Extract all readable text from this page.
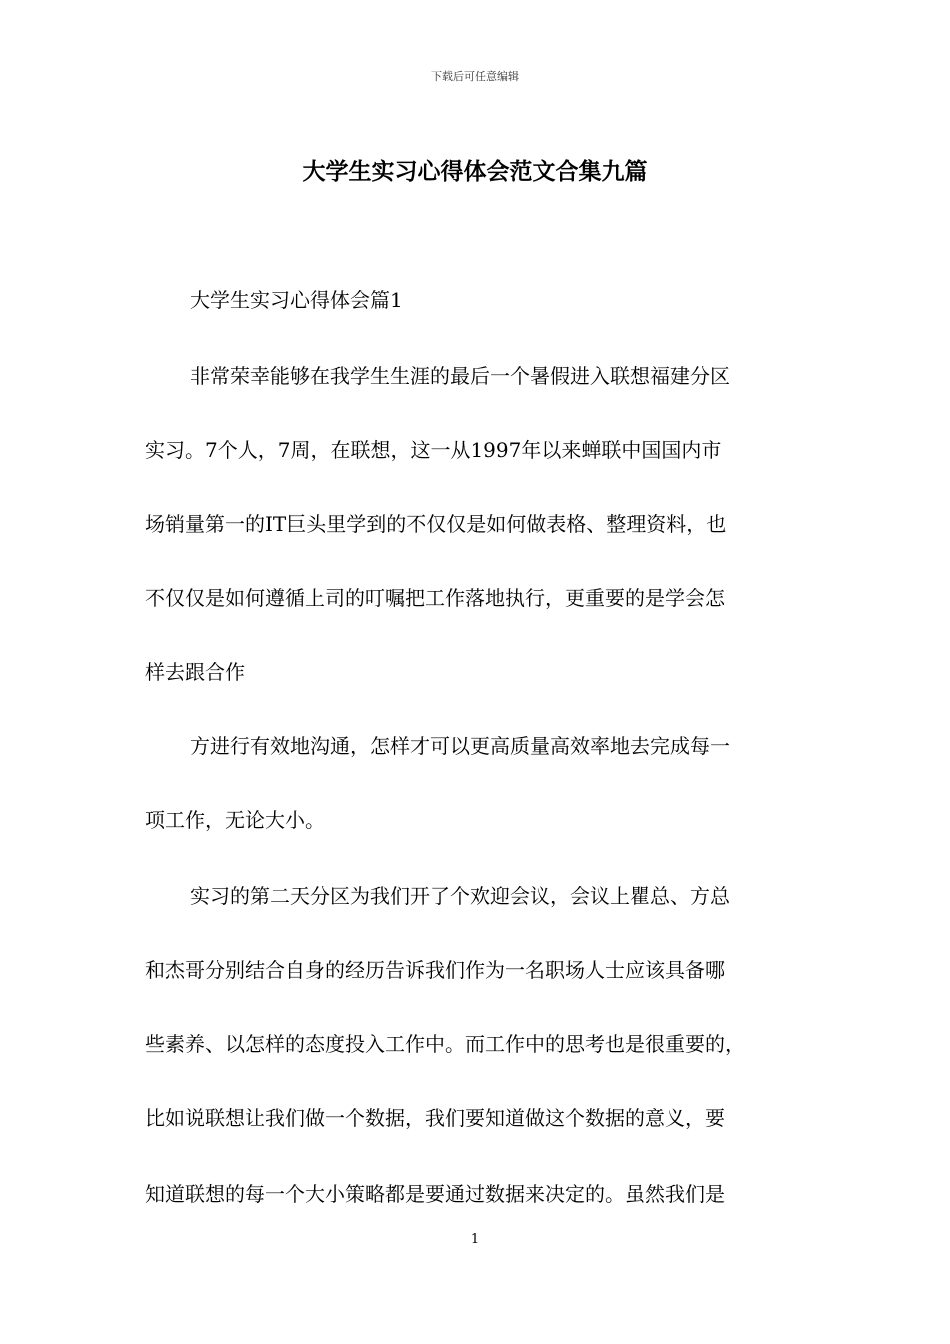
下载后可任意编辑
大学生实习心得体会范文合集九篇
大学生实习心得体会篇1
非常荣幸能够在我学生生涯的最后一个暑假进入联想福建分区
实习。7个人，7周，在联想，这一从1997年以来蝉联中国国内市
场销量第一的IT巨头里学到的不仅仅是如何做表格、整理资料，也
不仅仅是如何遵循上司的叮嘱把工作落地执行，更重要的是学会怎
样去跟合作
方进行有效地沟通，怎样才可以更高质量高效率地去完成每一
项工作，无论大小。
实习的第二天分区为我们开了个欢迎会议，会议上瞿总、方总
和杰哥分别结合自身的经历告诉我们作为一名职场人士应该具备哪
些素养、以怎样的态度投入工作中。而工作中的思考也是很重要的，
比如说联想让我们做一个数据，我们要知道做这个数据的意义，要
知道联想的每一个大小策略都是要通过数据来决定的。虽然我们是
1
